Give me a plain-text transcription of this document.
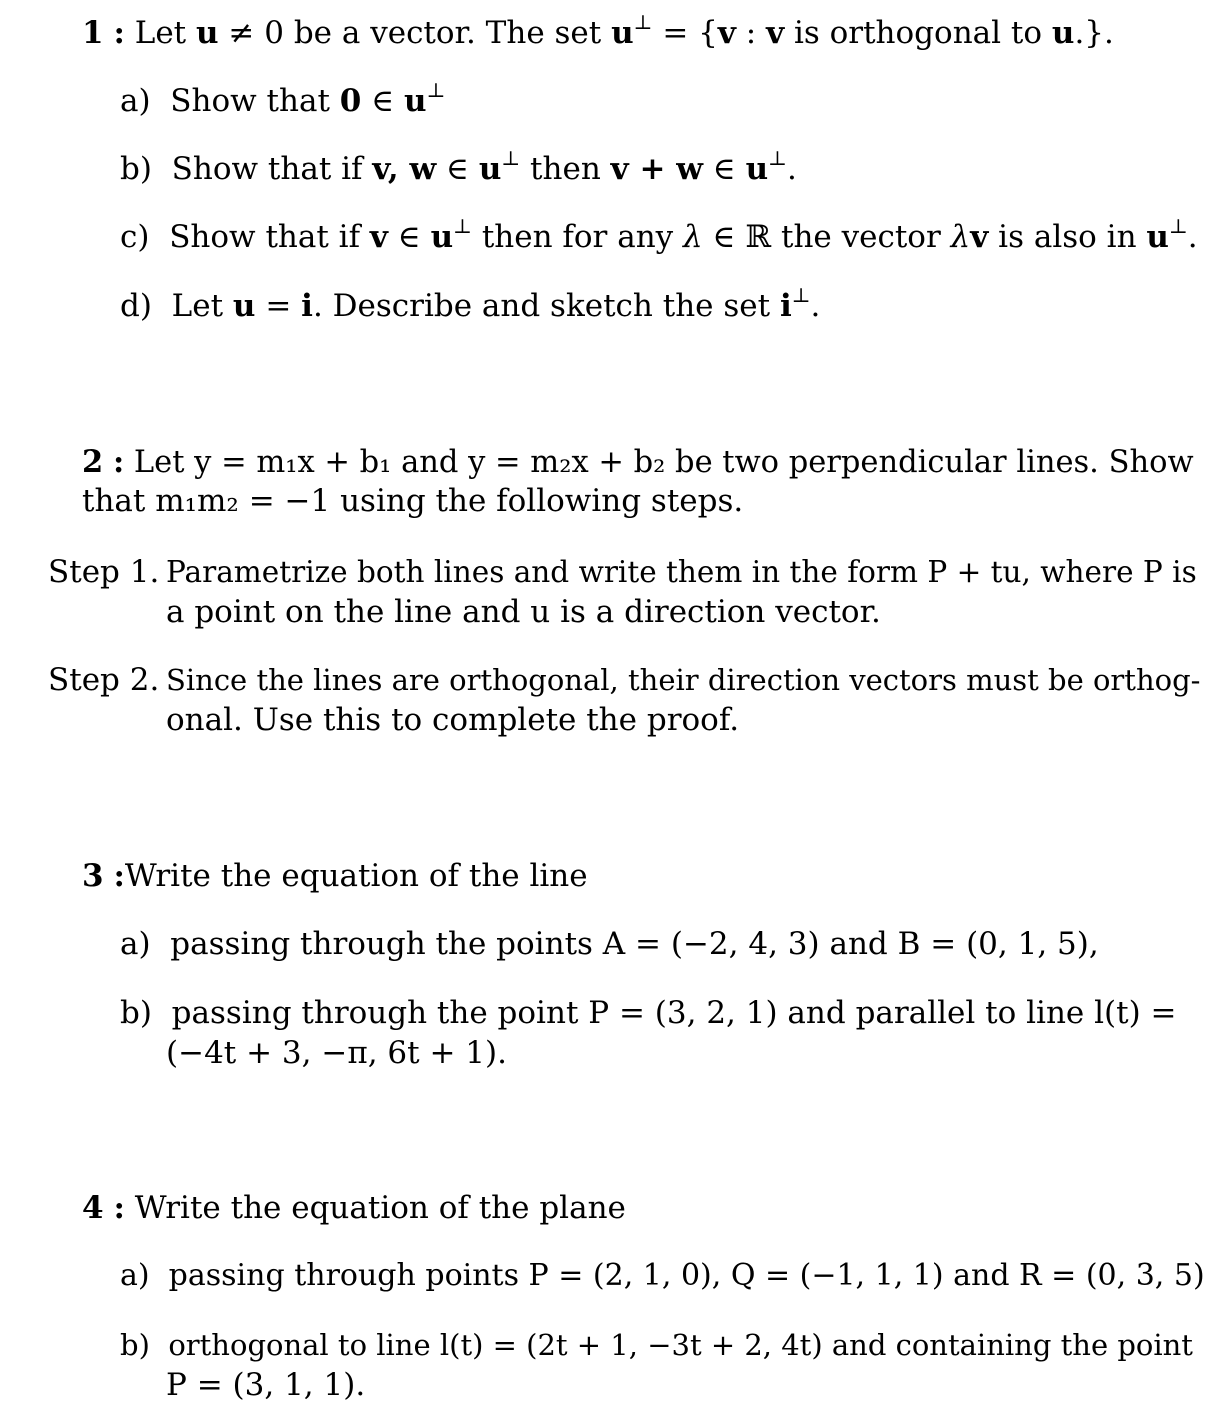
1 : Let u ≠ 0 be a vector. The set u⊥ = {v : v is orthogonal to u.}.
a) Show that 0 ∈ u⊥
b) Show that if v, w ∈ u⊥ then v + w ∈ u⊥.
c) Show that if v ∈ u⊥ then for any λ ∈ ℝ the vector λv is also in u⊥.
d) Let u = i. Describe and sketch the set i⊥.
2 : Let y = m₁x + b₁ and y = m₂x + b₂ be two perpendicular lines. Show
that m₁m₂ = −1 using the following steps.
Step 1. Parametrize both lines and write them in the form P + tu, where P is
a point on the line and u is a direction vector.
Step 2. Since the lines are orthogonal, their direction vectors must be orthog-
onal. Use this to complete the proof.
3 :Write the equation of the line
a) passing through the points A = (−2, 4, 3) and B = (0, 1, 5),
b) passing through the point P = (3, 2, 1) and parallel to line l(t) =
(−4t + 3, −π, 6t + 1).
4 : Write the equation of the plane
a) passing through points P = (2, 1, 0), Q = (−1, 1, 1) and R = (0, 3, 5)
b) orthogonal to line l(t) = (2t + 1, −3t + 2, 4t) and containing the point
P = (3, 1, 1).
